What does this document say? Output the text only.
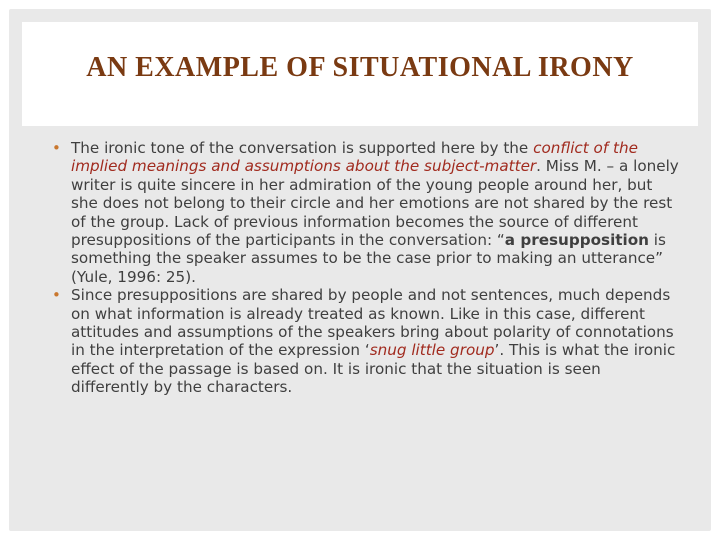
AN EXAMPLE OF SITUATIONAL IRONY

• The ironic tone of the conversation is supported here by the conflict of the implied meanings and assumptions about the subject-matter. Miss M. – a lonely writer is quite sincere in her admiration of the young people around her, but she does not belong to their circle and her emotions are not shared by the rest of the group. Lack of previous information becomes the source of different presuppositions of the participants in the conversation: “a presupposition is something the speaker assumes to be the case prior to making an utterance” (Yule, 1996: 25).

• Since presuppositions are shared by people and not sentences, much depends on what information is already treated as known. Like in this case, different attitudes and assumptions of the speakers bring about polarity of connotations in the interpretation of the expression ‘snug little group’. This is what the ironic effect of the passage is based on. It is ironic that the situation is seen differently by the characters.
